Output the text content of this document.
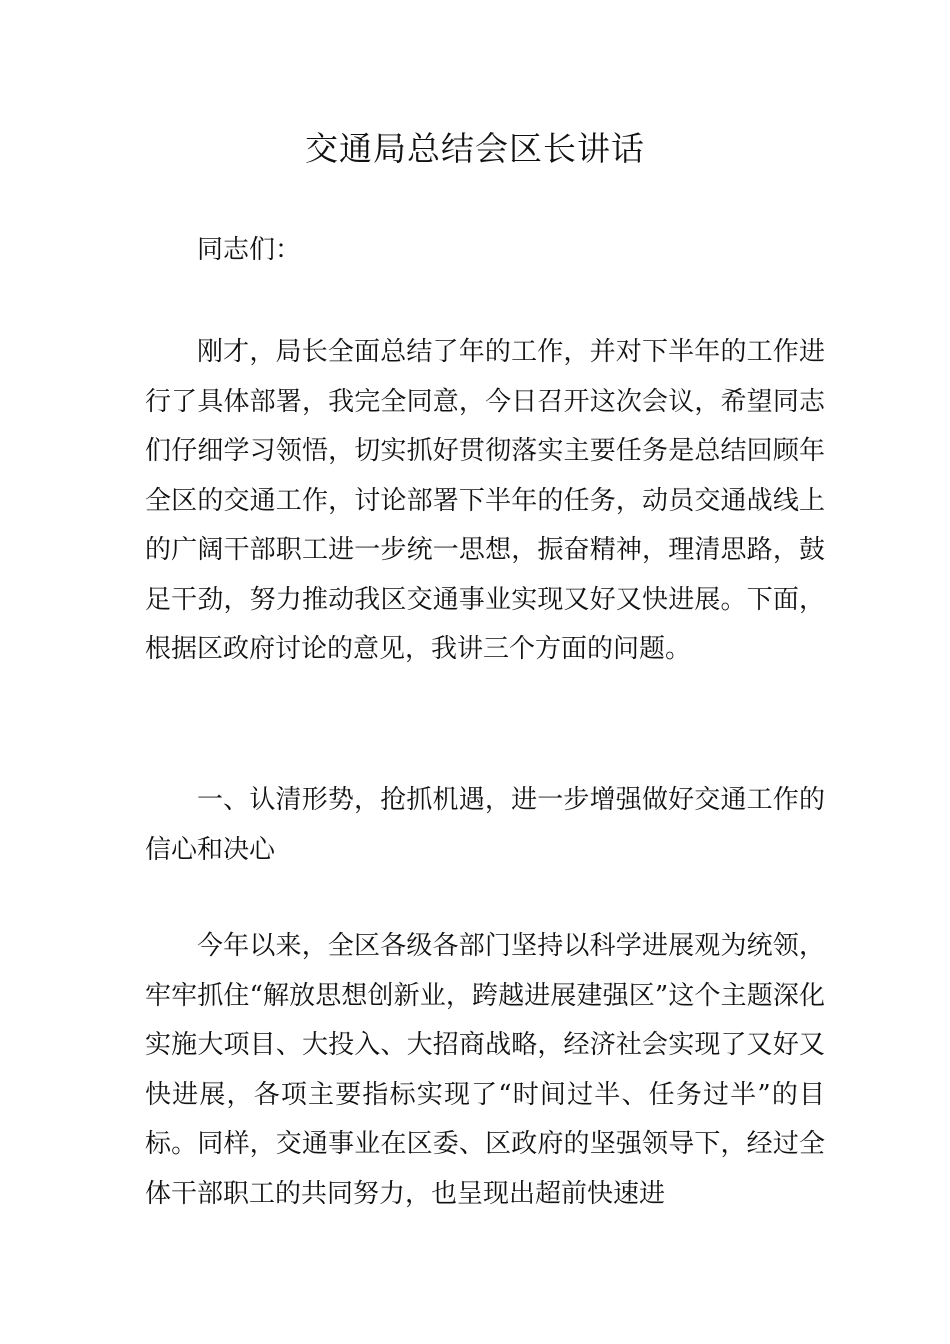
交通局总结会区长讲话

同志们：

刚才，局长全面总结了年的工作，并对下半年的工作进行了具体部署，我完全同意，今日召开这次会议，希望同志们仔细学习领悟，切实抓好贯彻落实主要任务是总结回顾年全区的交通工作，讨论部署下半年的任务，动员交通战线上的广阔干部职工进一步统一思想，振奋精神，理清思路，鼓足干劲，努力推动我区交通事业实现又好又快进展。下面，根据区政府讨论的意见，我讲三个方面的问题。

一、认清形势，抢抓机遇，进一步增强做好交通工作的信心和决心

今年以来，全区各级各部门坚持以科学进展观为统领，牢牢抓住“解放思想创新业，跨越进展建强区”这个主题深化实施大项目、大投入、大招商战略，经济社会实现了又好又快进展，各项主要指标实现了“时间过半、任务过半”的目标。同样，交通事业在区委、区政府的坚强领导下，经过全体干部职工的共同努力，也呈现出超前快速进
